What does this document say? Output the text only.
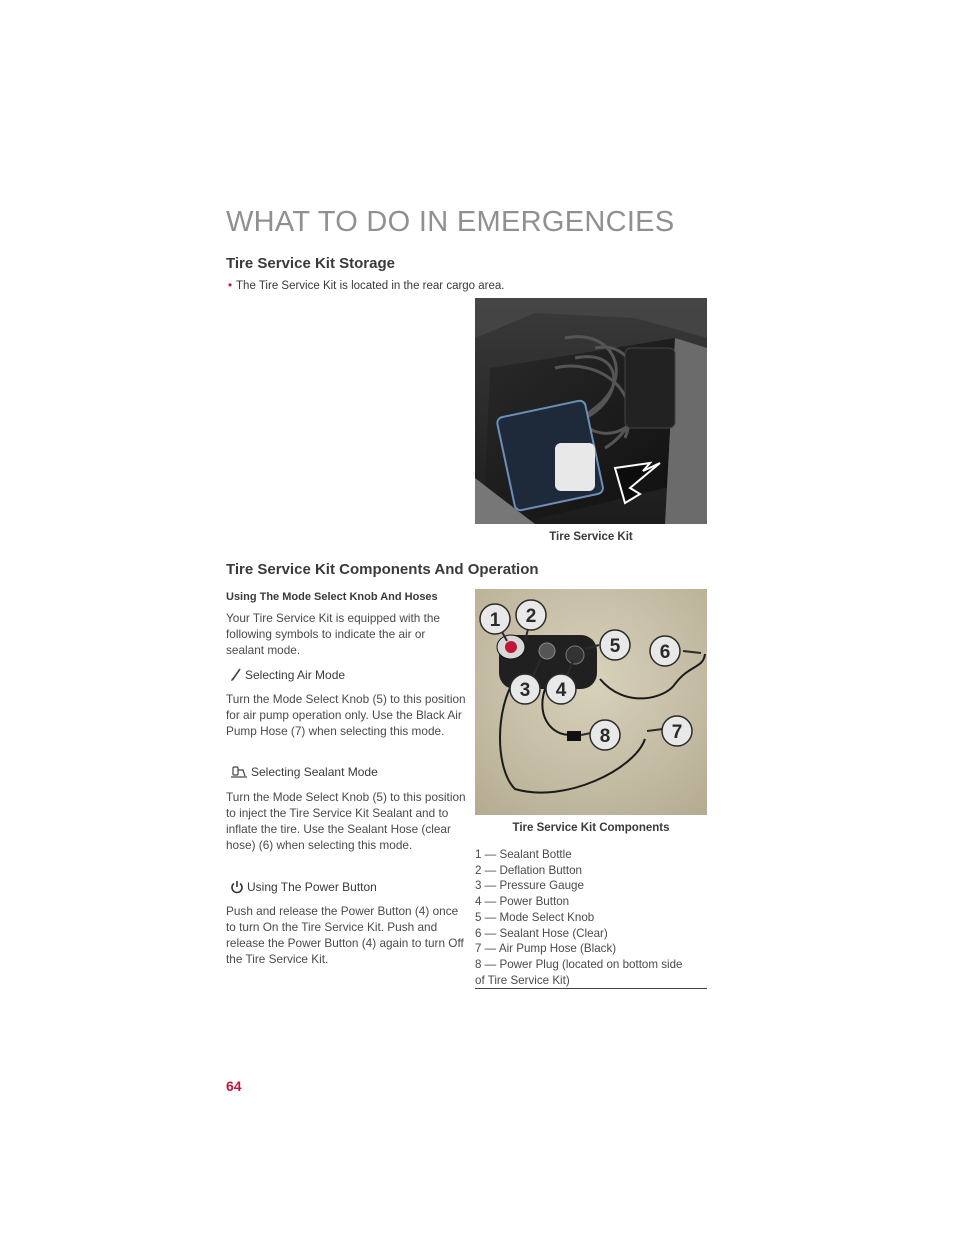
WHAT TO DO IN EMERGENCIES
Tire Service Kit Storage
• The Tire Service Kit is located in the rear cargo area.
Tire Service Kit
Tire Service Kit Components And Operation
Using The Mode Select Knob And Hoses
Your Tire Service Kit is equipped with the following symbols to indicate the air or sealant mode.
Selecting Air Mode
Turn the Mode Select Knob (5) to this position for air pump operation only. Use the Black Air Pump Hose (7) when selecting this mode.
Selecting Sealant Mode
Turn the Mode Select Knob (5) to this position to inject the Tire Service Kit Sealant and to inflate the tire. Use the Sealant Hose (clear hose) (6) when selecting this mode.
Using The Power Button
Push and release the Power Button (4) once to turn On the Tire Service Kit. Push and release the Power Button (4) again to turn Off the Tire Service Kit.
1 2
3 4
5 6
7
8
Tire Service Kit Components
1 — Sealant Bottle
2 — Deflation Button
3 — Pressure Gauge
4 — Power Button
5 — Mode Select Knob
6 — Sealant Hose (Clear)
7 — Air Pump Hose (Black)
8 — Power Plug (located on bottom side
of Tire Service Kit)
64
